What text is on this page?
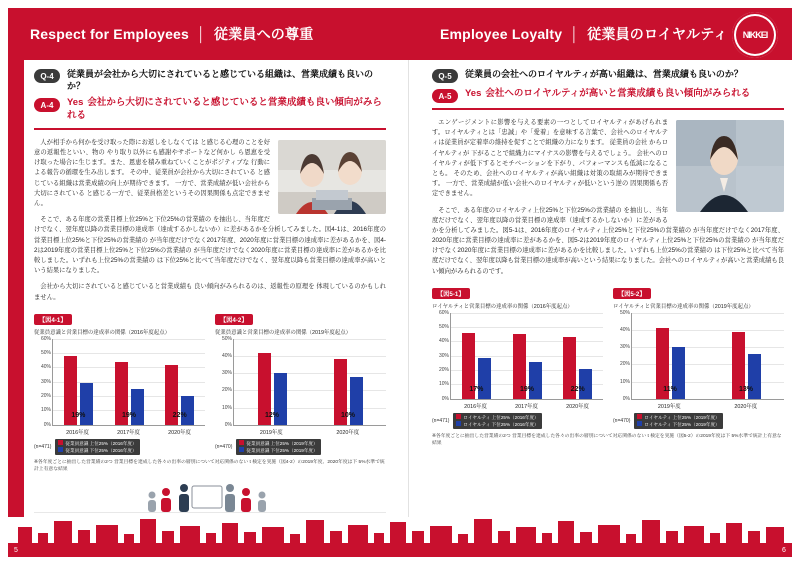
Respect for Employees │ 従業員への尊重	Employee Loyalty │ 従業員のロイヤルティ	NIKKEI
Q-4	従業員が会社から大切にされていると感じている組織は、営業成績も良いのか？
A-4	Yes 会社から大切にされていると感じていると営業成績も良い傾向がみられる

人が相手から何かを受け取った際にお返しをしなくては と感じる心理のことを好意の返報性といい、物の やり取り以外にも感謝やサポートなど何かし ら恩恵を受け取った場合に生じます。また、恩恵を積み重ねていくことがポジティブな 行動による報告の循環を生み出します。 その中、従業員が会社から大切にされている と感じている組織は営業成績の向上が期待できます。 一方で、営業成績が低い会社から大切にされている と感じる一方で、従業員格差というその因果関係も点定できません。

そこで、ある年度の営業目標上位25%と下位25%の営業績の を抽出し、当年度だけでなく、翌年度以降の営業目標の達成率（達成するかしないか）に差があるかを分析してみました。図4-1は、2016年度の営業目標上位25%と下位25%の営業績の が当年度だけでなく2017年度、2020年度に営業目標の達成率に差があるかを、図4-2は2019年度の営業目標上位25%と下位25%の営業績の が当年度だけでなく2020年度に営業目標の達成率に差があるかを比較しました。いずれも上位25%の営業績の は下位25%と比べて当年度だけでなく、翌年度以降も営業目標の達成率が高いという結果になりました。

会社から大切にされていると感じていると営業成績も 良い傾向がみられるのは、返報性の原理を 体現しているのかもしれません。

【図4-1】
従業員意識と営業目標の達成率の関係（2016年度起点）
60%
50%
40%
30%
20%
10%
0%
19%	19%	22%
2016年度	2017年度	2020年度
(n=471)
従業員意識 上位25%（2016年度）
従業員意識 下位25%（2016年度）
【図4-2】
従業員意識と営業目標の達成率の関係（2019年度起点）
50%
40%
30%
20%
10%
0%
12%	10%
2019年度	2020年度
(n=470)
従業員意識 上位25%（2019年度）
従業員意識 下位25%（2019年度）
※各年度ごとに抽出した営業績の2つ 営業目標を達成した各々の出率の層別について対応関係のない t 検定を実施（図4-2）の2019年度、2020年度は下 5%水準で統計上有意な結果
Q-5	従業員の会社へのロイヤルティが高い組織は、営業成績も良いのか？
A-5	Yes 会社へのロイヤルティが高いと営業成績も良い傾向がみられる

エンゲージメントに影響を与える要素の一つとしてロイヤルティがあげられます。ロイヤルティとは「忠誠」や「愛着」を意味する言葉で、会社へのロイヤルティは従業員が定着率の維持を促すことで組織の力になります。 従業員の会社 からロイヤルティが 下がることで組織力にマイナスの影響を与えるでしょう。 会社へのロイヤルティが低下するとモチベーションを下がり、パフォーマンスも低減になることも。 そのため、会社へのロイヤルティが高い組織は対策の取組みが期待できます。 一方で、営業成績が低い会社へのロイヤルティが低いという逆の 因果関係も否定できません。

そこで、ある年度のロイヤルティ上位25%と下位25%の営業績の を抽出し、当年度だけでなく、翌年度以降の営業目標の達成率（達成するかしないか）に差があるかを分析してみました。図5-1は、2016年度のロイヤルティ上位25%と下位25%の営業績の が当年度だけでなく2017年度、2020年度に営業目標の達成率に差があるかを、図5-2は2019年度のロイヤルティ上位25%と下位25%の営業績の が当年度だけでなく2020年度に営業目標の達成率に差があるかを比較しました。いずれも上位25%の営業績の は下位25%と比べて当年度だけでなく、翌年度以降も営業目標の達成率が高いという結果になりました。会社へのロイヤルティが高いと営業成績も良い傾向がみられるのです。

【図5-1】
ロイヤルティと営業目標の達成率の関係（2016年度起点）
60%
50%
40%
30%
20%
10%
0%
17%	19%	22%
2016年度	2017年度	2020年度
(n=471)
ロイヤルティ 上位25%（2016年度）
ロイヤルティ 下位25%（2016年度）
【図5-2】
ロイヤルティと営業目標の達成率の関係（2019年度起点）
50%
40%
30%
20%
10%
0%
11%	13%
2019年度	2020年度
(n=470)
ロイヤルティ 上位25%（2019年度）
ロイヤルティ 下位25%（2019年度）
※各年度ごとに抽出した営業績の2つ 営業目標を達成した各々の出率の層別について対応関係のない t 検定を実施（図5-2）の2019年度は下 5%水準で統計上有意な結果
5	6
